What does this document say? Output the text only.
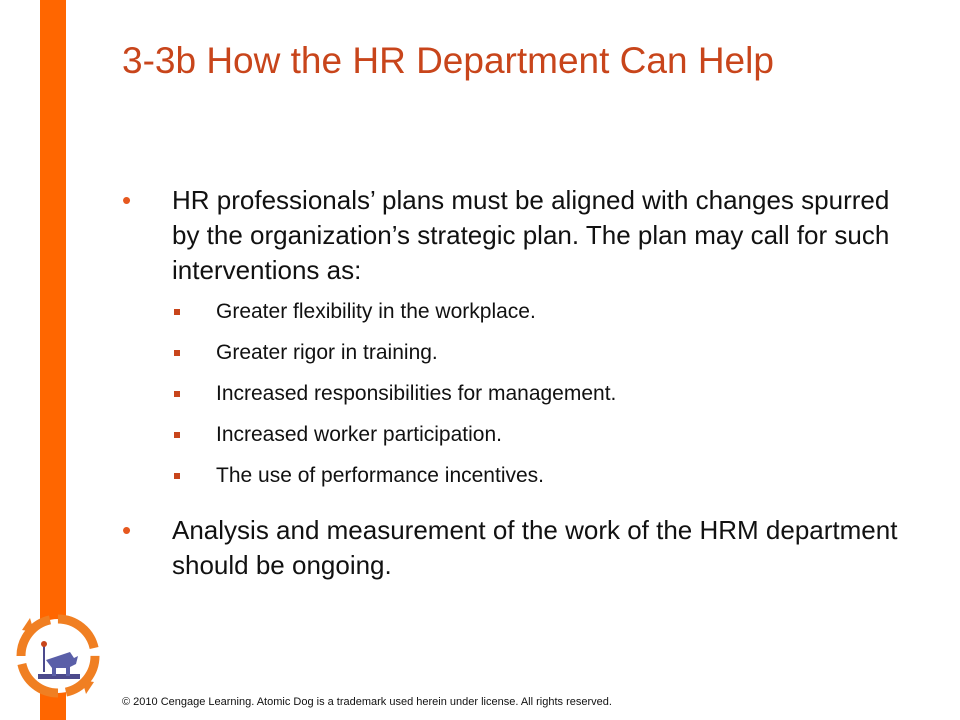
3-3b How the HR Department Can Help
• HR professionals’ plans must be aligned with changes spurred by the organization’s strategic plan. The plan may call for such interventions as:
Greater flexibility in the workplace.
Greater rigor in training.
Increased responsibilities for management.
Increased worker participation.
The use of performance incentives.
• Analysis and measurement of the work of the HRM department should be ongoing.
© 2010 Cengage Learning. Atomic Dog is a trademark used herein under license. All rights reserved.
